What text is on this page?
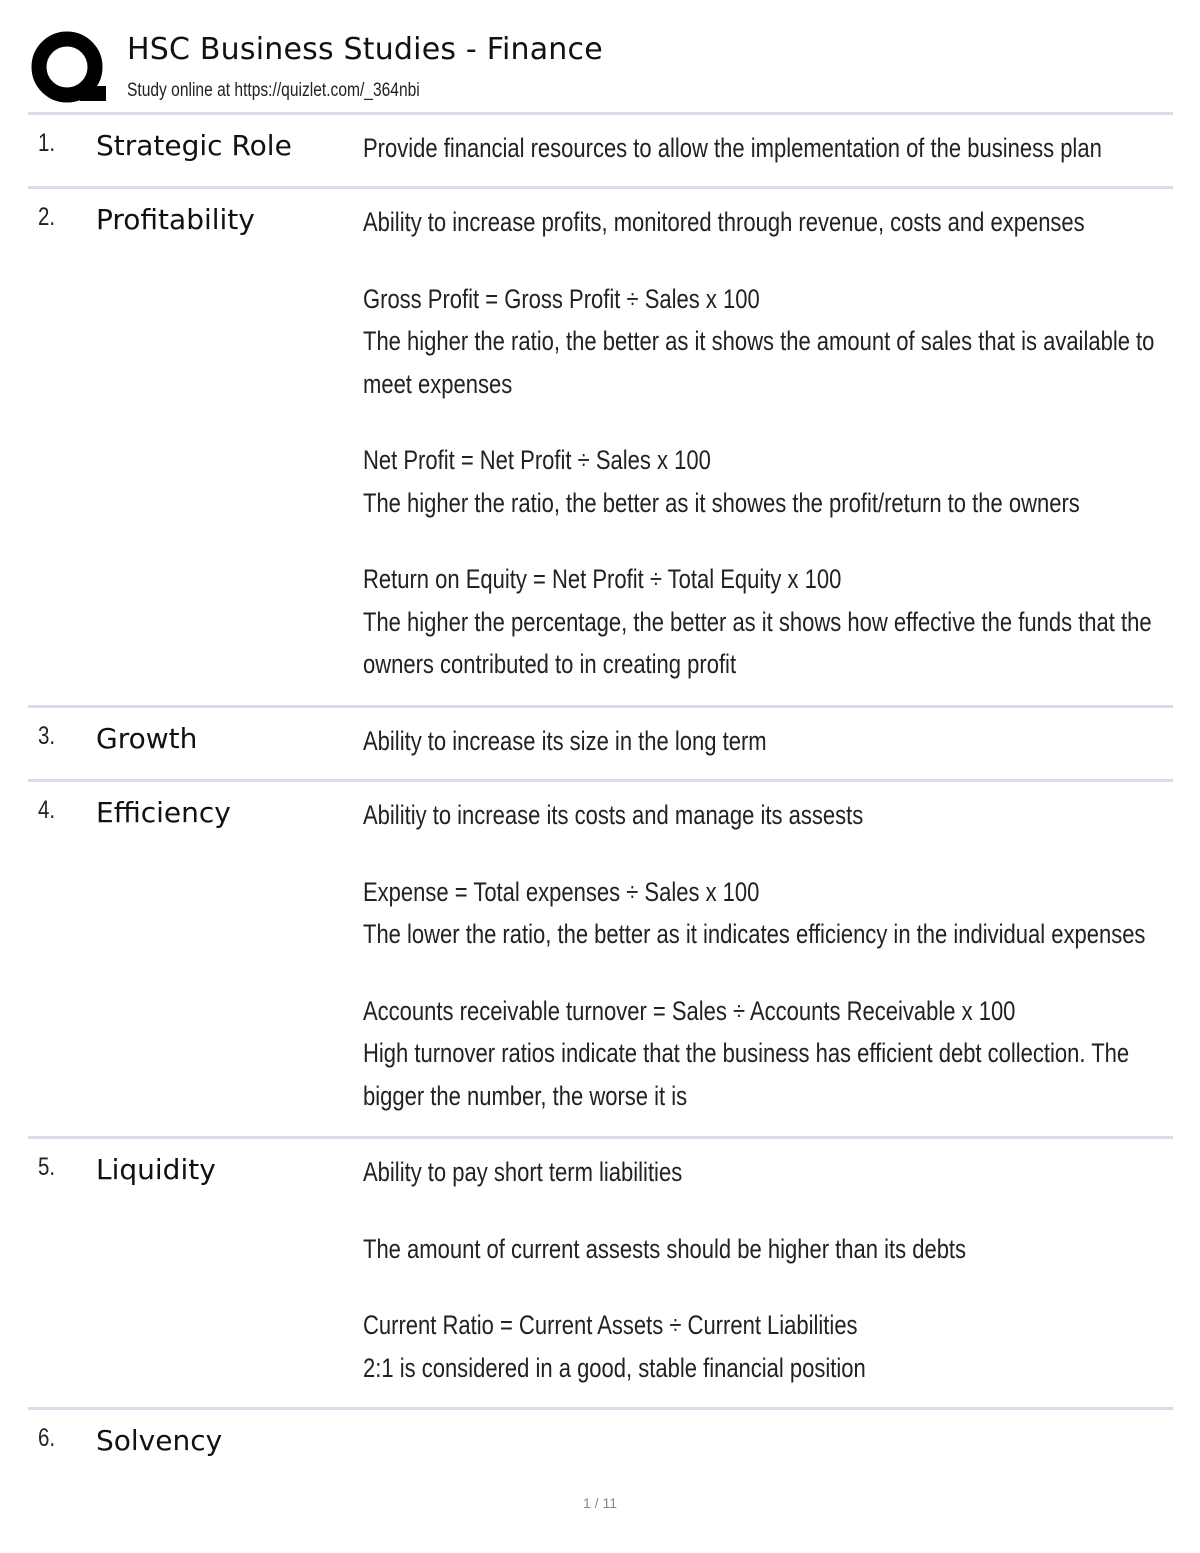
HSC Business Studies - Finance
Study online at https://quizlet.com/_364nbi
1. Strategic Role	Provide financial resources to allow the implementation of the business plan

2. Profitability	Ability to increase profits, monitored through revenue, costs and expenses

Gross Profit = Gross Profit ÷ Sales x 100

The higher the ratio, the better as it shows the amount of sales that is available to

meet expenses

Net Profit = Net Profit ÷ Sales x 100

The higher the ratio, the better as it showes the profit/return to the owners

Return on Equity = Net Profit ÷ Total Equity x 100

The higher the percentage, the better as it shows how effective the funds that the

owners contributed to in creating profit

3. Growth	Ability to increase its size in the long term

4. Efficiency	Abilitiy to increase its costs and manage its assests

Expense = Total expenses ÷ Sales x 100

The lower the ratio, the better as it indicates efficiency in the individual expenses

Accounts receivable turnover = Sales ÷ Accounts Receivable x 100

High turnover ratios indicate that the business has efficient debt collection. The

bigger the number, the worse it is

5. Liquidity	Ability to pay short term liabilities

The amount of current assests should be higher than its debts

Current Ratio = Current Assets ÷ Current Liabilities

2:1 is considered in a good, stable financial position

6. Solvency
1 / 11
